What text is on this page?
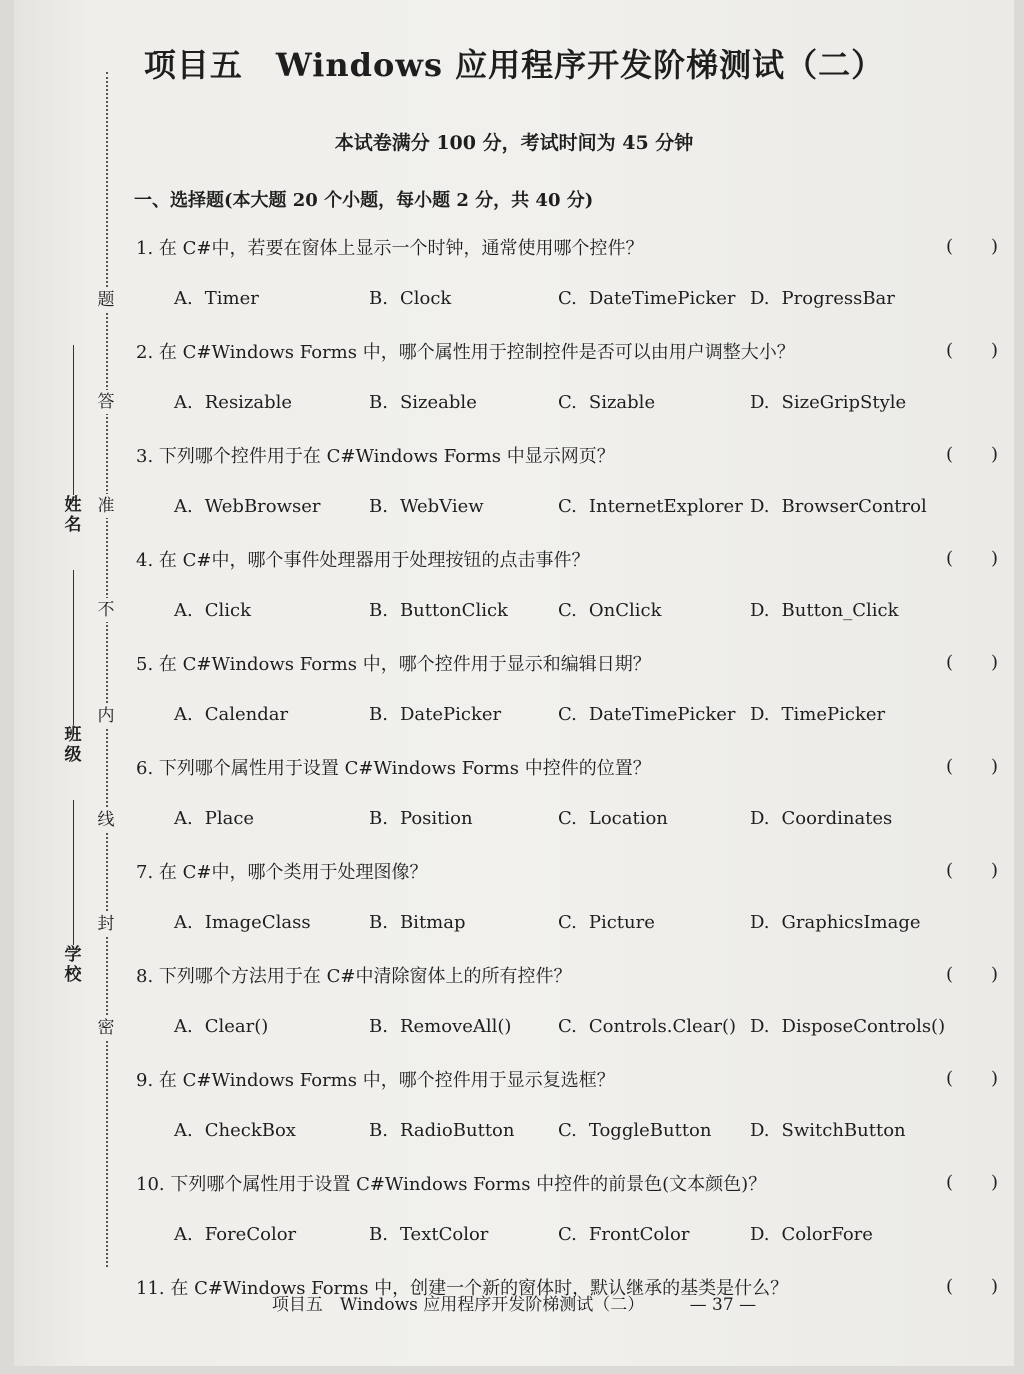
题
答
准
不
内
线
封
密
姓名
班级
学校
项目五　Windows 应用程序开发阶梯测试（二）
本试卷满分 100 分，考试时间为 45 分钟
一、选择题(本大题 20 个小题，每小题 2 分，共 40 分)
1. 在 C#中，若要在窗体上显示一个时钟，通常使用哪个控件？	( )
A. Timer	B. Clock	C. DateTimePicker D. ProgressBar
2. 在 C#Windows Forms 中，哪个属性用于控制控件是否可以由用户调整大小？	( )
A. Resizable	B. Sizeable	C. Sizable	D. SizeGripStyle
3. 下列哪个控件用于在 C#Windows Forms 中显示网页？	( )
A. WebBrowser	B. WebView	C. InternetExplorer D. BrowserControl
4. 在 C#中，哪个事件处理器用于处理按钮的点击事件？	( )
A. Click	B. ButtonClick	C. OnClick	D. Button_Click
5. 在 C#Windows Forms 中，哪个控件用于显示和编辑日期？	( )
A. Calendar	B. DatePicker	C. DateTimePicker D. TimePicker
6. 下列哪个属性用于设置 C#Windows Forms 中控件的位置？	( )
A. Place	B. Position	C. Location	D. Coordinates
7. 在 C#中，哪个类用于处理图像？	( )
A. ImageClass	B. Bitmap	C. Picture	D. GraphicsImage
8. 下列哪个方法用于在 C#中清除窗体上的所有控件？	( )
A. Clear()	B. RemoveAll()	C. Controls.Clear() D. DisposeControls()
9. 在 C#Windows Forms 中，哪个控件用于显示复选框？	( )
A. CheckBox	B. RadioButton C. ToggleButton D. SwitchButton
10. 下列哪个属性用于设置 C#Windows Forms 中控件的前景色(文本颜色)？	( )
A. ForeColor	B. TextColor	C. FrontColor	D. ColorFore
11. 在 C#Windows Forms 中，创建一个新的窗体时，默认继承的基类是什么？	( )
项目五　Windows 应用程序开发阶梯测试（二）	— 37 —
